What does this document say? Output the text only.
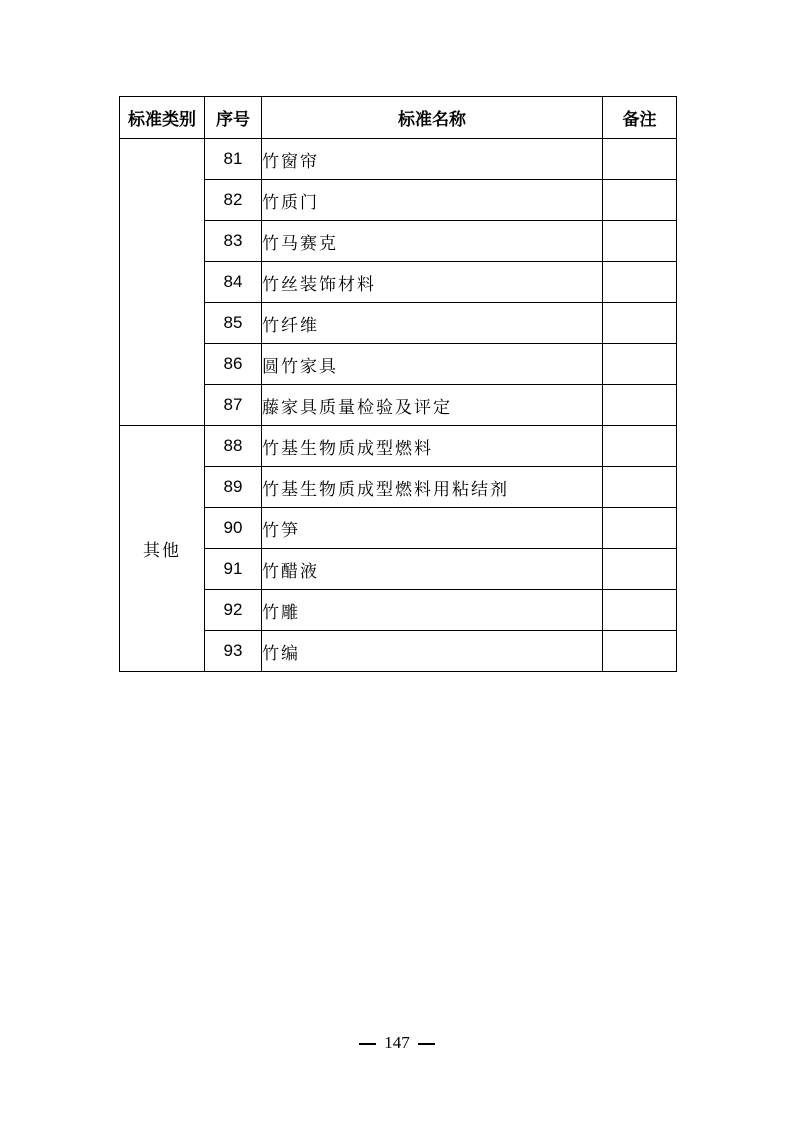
标准类别	序号	标准名称	备注
	81	竹窗帘	
	82	竹质门	
	83	竹马赛克	
	84	竹丝装饰材料	
	85	竹纤维	
	86	圆竹家具	
	87	藤家具质量检验及评定	
其他	88	竹基生物质成型燃料	
	89	竹基生物质成型燃料用粘结剂	
	90	竹笋	
	91	竹醋液	
	92	竹雕	
	93	竹编	
147
